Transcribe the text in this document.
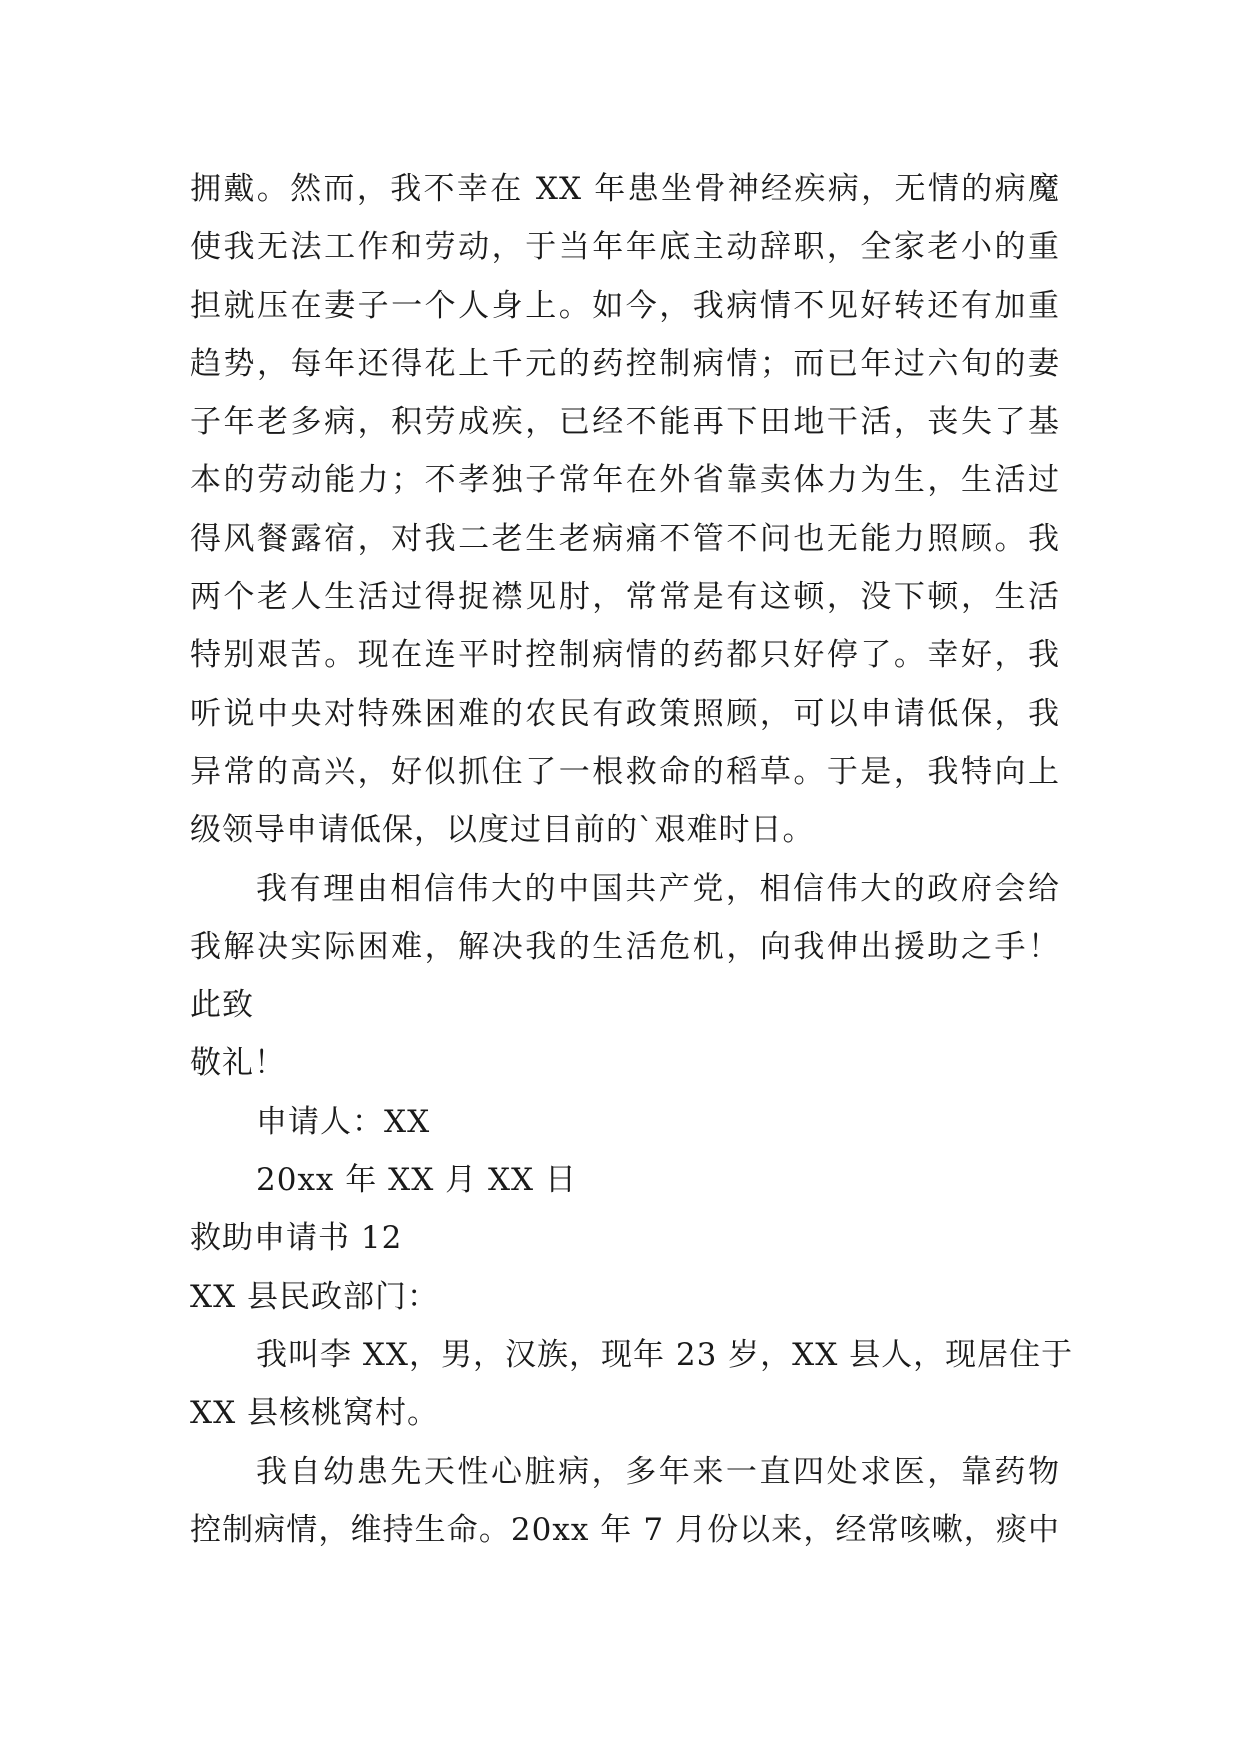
拥戴。然而，我不幸在 XX 年患坐骨神经疾病，无情的病魔
使我无法工作和劳动，于当年年底主动辞职，全家老小的重
担就压在妻子一个人身上。如今，我病情不见好转还有加重
趋势，每年还得花上千元的药控制病情；而已年过六旬的妻
子年老多病，积劳成疾，已经不能再下田地干活，丧失了基
本的劳动能力；不孝独子常年在外省靠卖体力为生，生活过
得风餐露宿，对我二老生老病痛不管不问也无能力照顾。我
两个老人生活过得捉襟见肘，常常是有这顿，没下顿，生活
特别艰苦。现在连平时控制病情的药都只好停了。幸好，我
听说中央对特殊困难的农民有政策照顾，可以申请低保，我
异常的高兴，好似抓住了一根救命的稻草。于是，我特向上
级领导申请低保，以度过目前的`艰难时日。
我有理由相信伟大的中国共产党，相信伟大的政府会给
我解决实际困难，解决我的生活危机，向我伸出援助之手！
此致
敬礼！
申请人：XX
20xx 年 XX 月 XX 日
救助申请书 12
XX 县民政部门：
我叫李 XX，男，汉族，现年 23 岁，XX 县人，现居住于
XX 县核桃窝村。
我自幼患先天性心脏病，多年来一直四处求医，靠药物
控制病情，维持生命。20xx 年 7 月份以来，经常咳嗽，痰中
